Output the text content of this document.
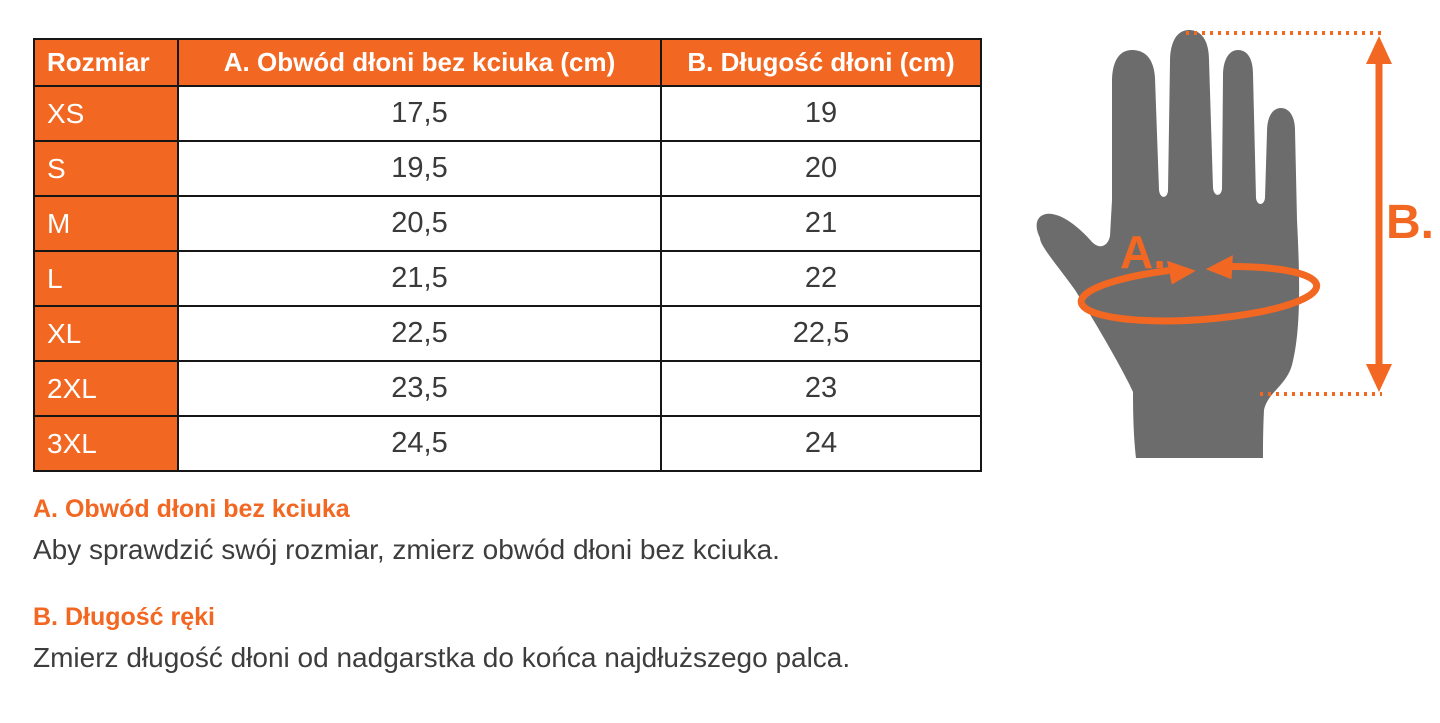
Rozmiar	A. Obwód dłoni bez kciuka (cm)	B. Długość dłoni (cm)
XS	17,5	19
S	19,5	20
M	20,5	21
L	21,5	22
XL	22,5	22,5
2XL	23,5	23
3XL	24,5	24
A. Obwód dłoni bez kciuka

Aby sprawdzić swój rozmiar, zmierz obwód dłoni bez kciuka.

B. Długość ręki

Zmierz długość dłoni od nadgarstka do końca najdłuższego palca.

A.
B.
